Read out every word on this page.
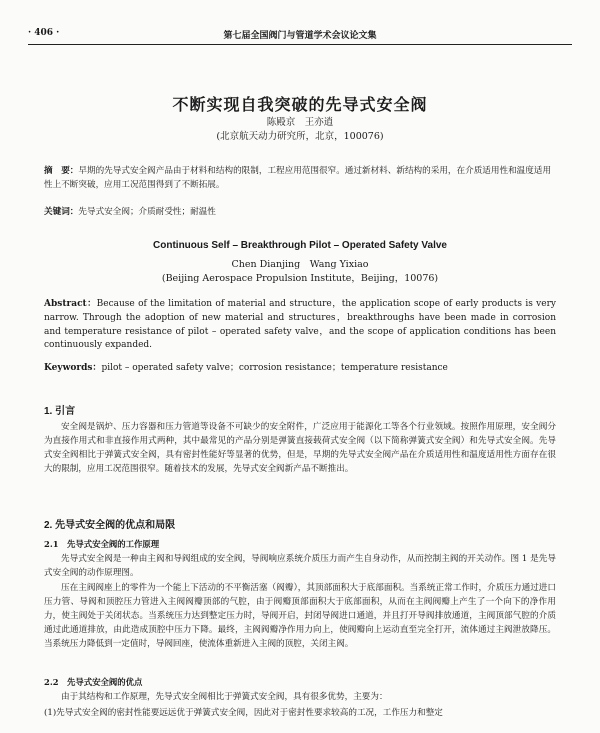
· 406 ·	第七届全国阀门与管道学术会议论文集
不断实现自我突破的先导式安全阀
陈殿京　王亦逍
(北京航天动力研究所，北京，100076)
摘　要：早期的先导式安全阀产品由于材料和结构的限制，工程应用范围很窄。通过新材料、新结构的采用，在介质适用性和温度适用性上不断突破，应用工况范围得到了不断拓展。
关键词：先导式安全阀；介质耐受性；耐温性
Continuous Self – Breakthrough Pilot – Operated Safety Valve
Chen Dianjing　Wang Yixiao
(Beijing Aerospace Propulsion Institute，Beijing，10076)
Abstract：Because of the limitation of material and structure，the application scope of early products is very narrow. Through the adoption of new material and structures，breakthroughs have been made in corrosion and temperature resistance of pilot – operated safety valve，and the scope of application conditions has been continuously expanded.
Keywords：pilot – operated safety valve；corrosion resistance；temperature resistance
1. 引言
安全阀是锅炉、压力容器和压力管道等设备不可缺少的安全附件，广泛应用于能源化工等各个行业领域。按照作用原理，安全阀分为直接作用式和非直接作用式两种，其中最常见的产品分别是弹簧直接载荷式安全阀（以下简称弹簧式安全阀）和先导式安全阀。先导式安全阀相比于弹簧式安全阀，具有密封性能好等显著的优势，但是，早期的先导式安全阀产品在介质适用性和温度适用性方面存在很大的限制，应用工况范围很窄。随着技术的发展，先导式安全阀新产品不断推出。
2. 先导式安全阀的优点和局限
2.1　先导式安全阀的工作原理
先导式安全阀是一种由主阀和导阀组成的安全阀，导阀响应系统介质压力而产生自身动作，从而控制主阀的开关动作。图 1 是先导式安全阀的动作原理图。
压在主阀阀座上的零件为一个能上下活动的不平衡活塞（阀瓣），其顶部面积大于底部面积。当系统正常工作时，介质压力通过进口压力管、导阀和顶腔压力管进入主阀阀瓣顶部的气腔，由于阀瓣顶部面积大于底部面积，从而在主阀阀瓣上产生了一个向下的净作用力，使主阀处于关闭状态。当系统压力达到整定压力时，导阀开启，封闭导阀进口通道，并且打开导阀排放通道，主阀顶部气腔的介质通过此通道排放，由此造成顶腔中压力下降。最终，主阀阀瓣净作用力向上，使阀瓣向上运动直至完全打开，流体通过主阀泄放降压。当系统压力降低到一定值时，导阀回座，使流体重新进入主阀的顶腔，关闭主阀。
2.2　先导式安全阀的优点
由于其结构和工作原理，先导式安全阀相比于弹簧式安全阀，具有很多优势，主要为：
(1)先导式安全阀的密封性能要远远优于弹簧式安全阀，因此对于密封性要求较高的工况，工作压力和整定
